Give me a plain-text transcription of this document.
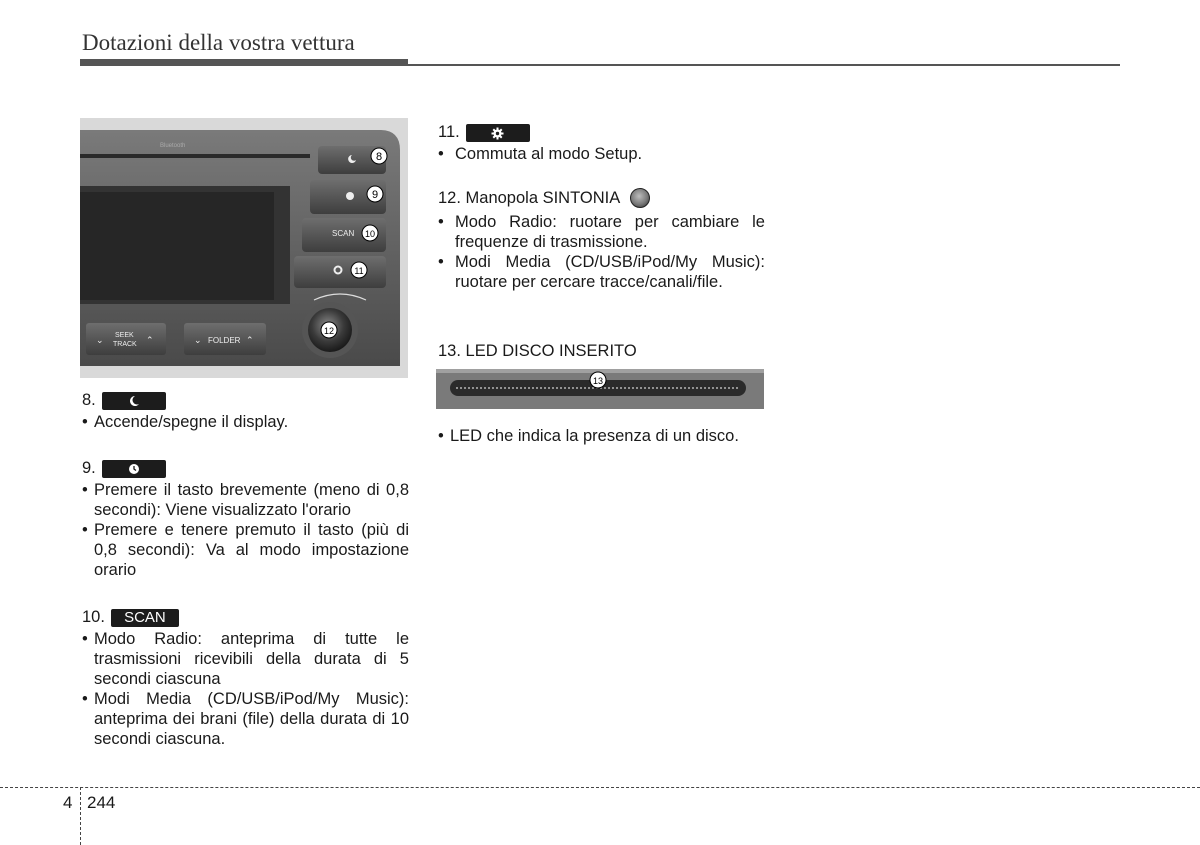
Dotazioni della vostra vettura
Bluetooth
SCAN
⌄ SEEK
TRACK ⌃	⌄ FOLDER ⌃
8
9
10
11
12
8.
• Accende/spegne il display.
9.
• Premere il tasto brevemente (meno di 0,8 secondi): Viene visualizzato l'orario
• Premere e tenere premuto il tasto (più di 0,8 secondi): Va al modo impostazione orario
10.	SCAN
• Modo Radio: anteprima di tutte le trasmissioni ricevibili della durata di 5 secondi ciascuna
• Modi Media (CD/USB/iPod/My Music): anteprima dei brani (file) della durata di 10 secondi ciascuna.
11.
• Commuta al modo Setup.
12. Manopola SINTONIA
• Modo Radio: ruotare per cambiare le frequenze di trasmissione.
• Modi Media (CD/USB/iPod/My Music): ruotare per cercare tracce/canali/file.
13. LED DISCO INSERITO
13
• LED che indica la presenza di un disco.
4 244
